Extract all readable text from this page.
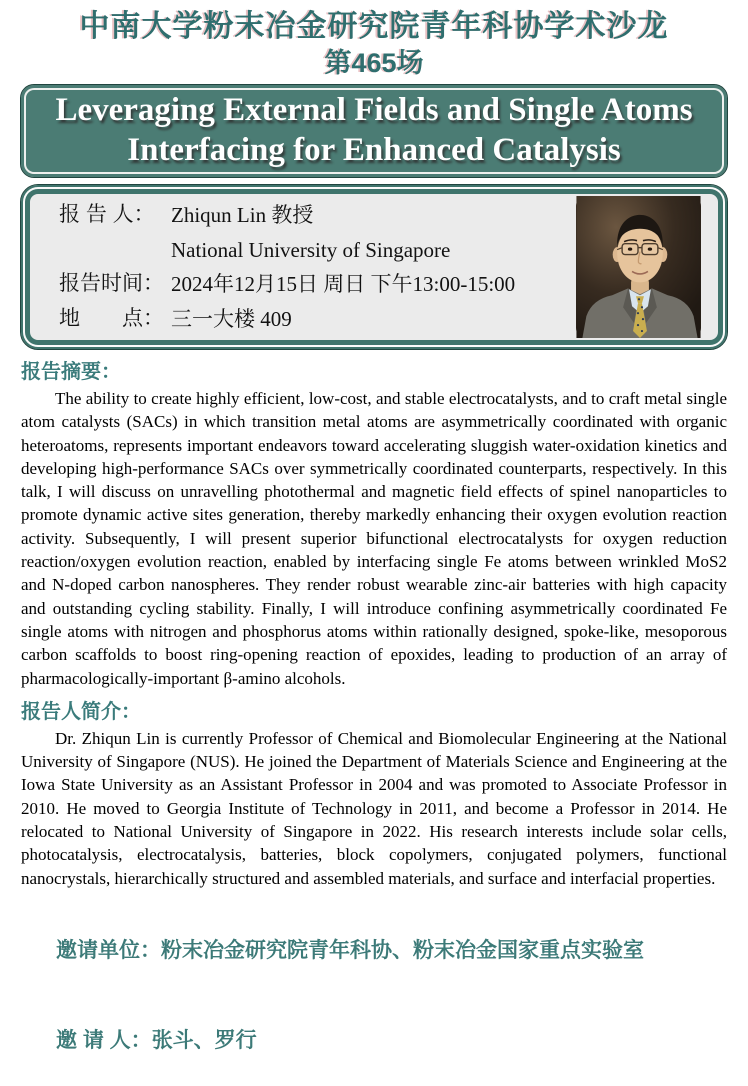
中南大学粉末冶金研究院青年科协学术沙龙
第465场
Leveraging External Fields and Single Atoms
Interfacing for Enhanced Catalysis
报 告 人： Zhiqun Lin 教授
National University of Singapore
报告时间： 2024年12月15日 周日 下午13:00-15:00
地　　点： 三一大楼 409
报告摘要：
The ability to create highly efficient, low-cost, and stable electrocatalysts, and to craft metal single atom catalysts (SACs) in which transition metal atoms are asymmetrically coordinated with organic heteroatoms, represents important endeavors toward accelerating sluggish water-oxidation kinetics and developing high-performance SACs over symmetrically coordinated counterparts, respectively. In this talk, I will discuss on unravelling photothermal and magnetic field effects of spinel nanoparticles to promote dynamic active sites generation, thereby markedly enhancing their oxygen evolution reaction activity. Subsequently, I will present superior bifunctional electrocatalysts for oxygen reduction reaction/oxygen evolution reaction, enabled by interfacing single Fe atoms between wrinkled MoS2 and N-doped carbon nanospheres. They render robust wearable zinc-air batteries with high capacity and outstanding cycling stability. Finally, I will introduce confining asymmetrically coordinated Fe single atoms with nitrogen and phosphorus atoms within rationally designed, spoke-like, mesoporous carbon scaffolds to boost ring-opening reaction of epoxides, leading to production of an array of pharmacologically-important β-amino alcohols.
报告人简介：
Dr. Zhiqun Lin is currently Professor of Chemical and Biomolecular Engineering at the National University of Singapore (NUS). He joined the Department of Materials Science and Engineering at the Iowa State University as an Assistant Professor in 2004 and was promoted to Associate Professor in 2010. He moved to Georgia Institute of Technology in 2011, and become a Professor in 2014. He relocated to National University of Singapore in 2022. His research interests include solar cells, photocatalysis, electrocatalysis, batteries, block copolymers, conjugated polymers, functional nanocrystals, hierarchically structured and assembled materials, and surface and interfacial properties.

邀请单位：粉末冶金研究院青年科协、粉末冶金国家重点实验室

邀 请 人：张斗、罗行
